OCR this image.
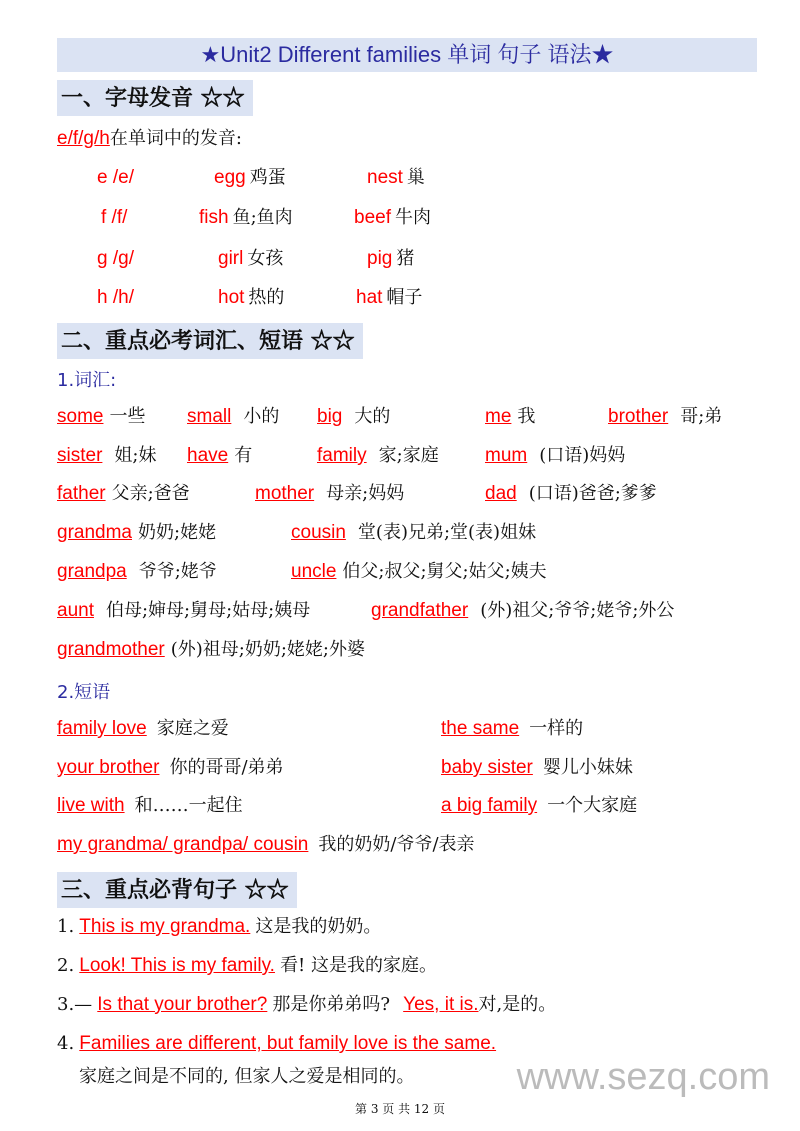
★Unit2 Different families 单词 句子 语法★
一、字母发音 ☆☆
e/f/g/h在单词中的发音:
二、重点必考词汇、短语 ☆☆
1.词汇:
2.短语
三、重点必背句子 ☆☆
e /e/	egg 鸡蛋	nest 巢
f /f/	fish 鱼;鱼肉	beef 牛肉
g /g/	girl 女孩	pig 猪
h /h/	hot 热的	hat 帽子
some 一些 small 小的 big 大的	me 我	brother 哥;弟
sister 姐;妹 have 有	family 家;家庭 mum (口语)妈妈
father 父亲;爸爸	mother 母亲;妈妈	dad (口语)爸爸;爹爹
grandma 奶奶;姥姥	cousin 堂(表)兄弟;堂(表)姐妹
grandpa 爷爷;姥爷	uncle 伯父;叔父;舅父;姑父;姨夫
aunt 伯母;婶母;舅母;姑母;姨母	grandfather (外)祖父;爷爷;姥爷;外公
grandmother (外)祖母;奶奶;姥姥;外婆
family love 家庭之爱	the same 一样的
your brother 你的哥哥/弟弟	baby sister 婴儿小妹妹
live with 和……一起住	a big family 一个大家庭
my grandma/ grandpa/ cousin 我的奶奶/爷爷/表亲
1. This is my grandma. 这是我的奶奶。
2. Look! This is my family. 看! 这是我的家庭。
3.— Is that your brother? 那是你弟弟吗? Yes, it is.对,是的。
4. Families are different, but family love is the same.
家庭之间是不同的, 但家人之爱是相同的。	www.sezq.com
第 3 页 共 12 页
